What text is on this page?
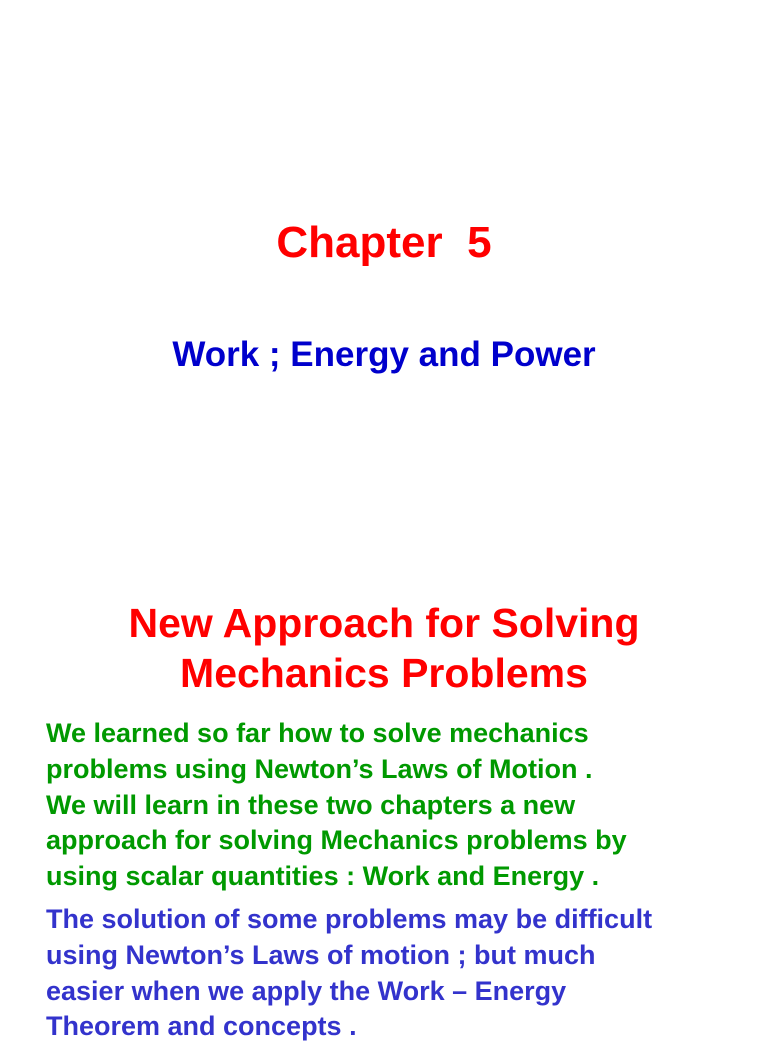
Chapter  5
Work ; Energy and Power
New Approach for Solving
Mechanics Problems

We learned so far how to solve mechanics
problems using Newton’s Laws of Motion .
We will learn in these two chapters a new
approach for solving Mechanics problems by
using scalar quantities : Work and Energy .

The solution of some problems may be difficult
using Newton’s Laws of motion ; but much
easier when we apply the Work – Energy
Theorem and concepts .
